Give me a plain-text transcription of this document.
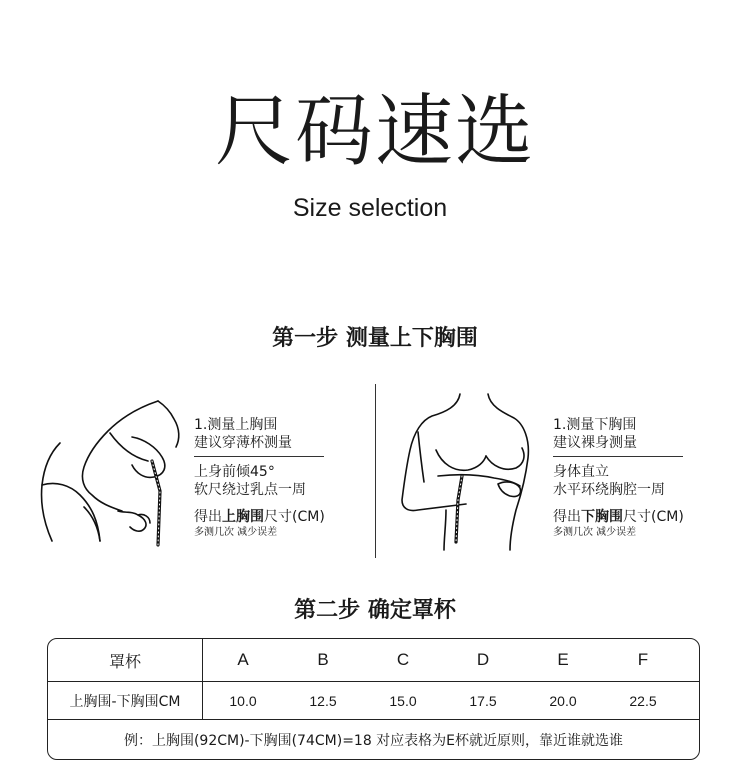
尺码速选
Size selection
第一步 测量上下胸围
1.测量上胸围
建议穿薄杯测量
上身前倾45°
软尺绕过乳点一周
得出上胸围尺寸(CM)
多测几次 减少误差
1.测量下胸围
建议裸身测量
身体直立
水平环绕胸腔一周
得出下胸围尺寸(CM)
多测几次 减少误差
第二步 确定罩杯
罩杯	A	B	C	D	E	F
上胸围-下胸围CM	10.0	12.5	15.0	17.5	20.0	22.5
例：上胸围(92CM)-下胸围(74CM)=18 对应表格为E杯就近原则，靠近谁就选谁
